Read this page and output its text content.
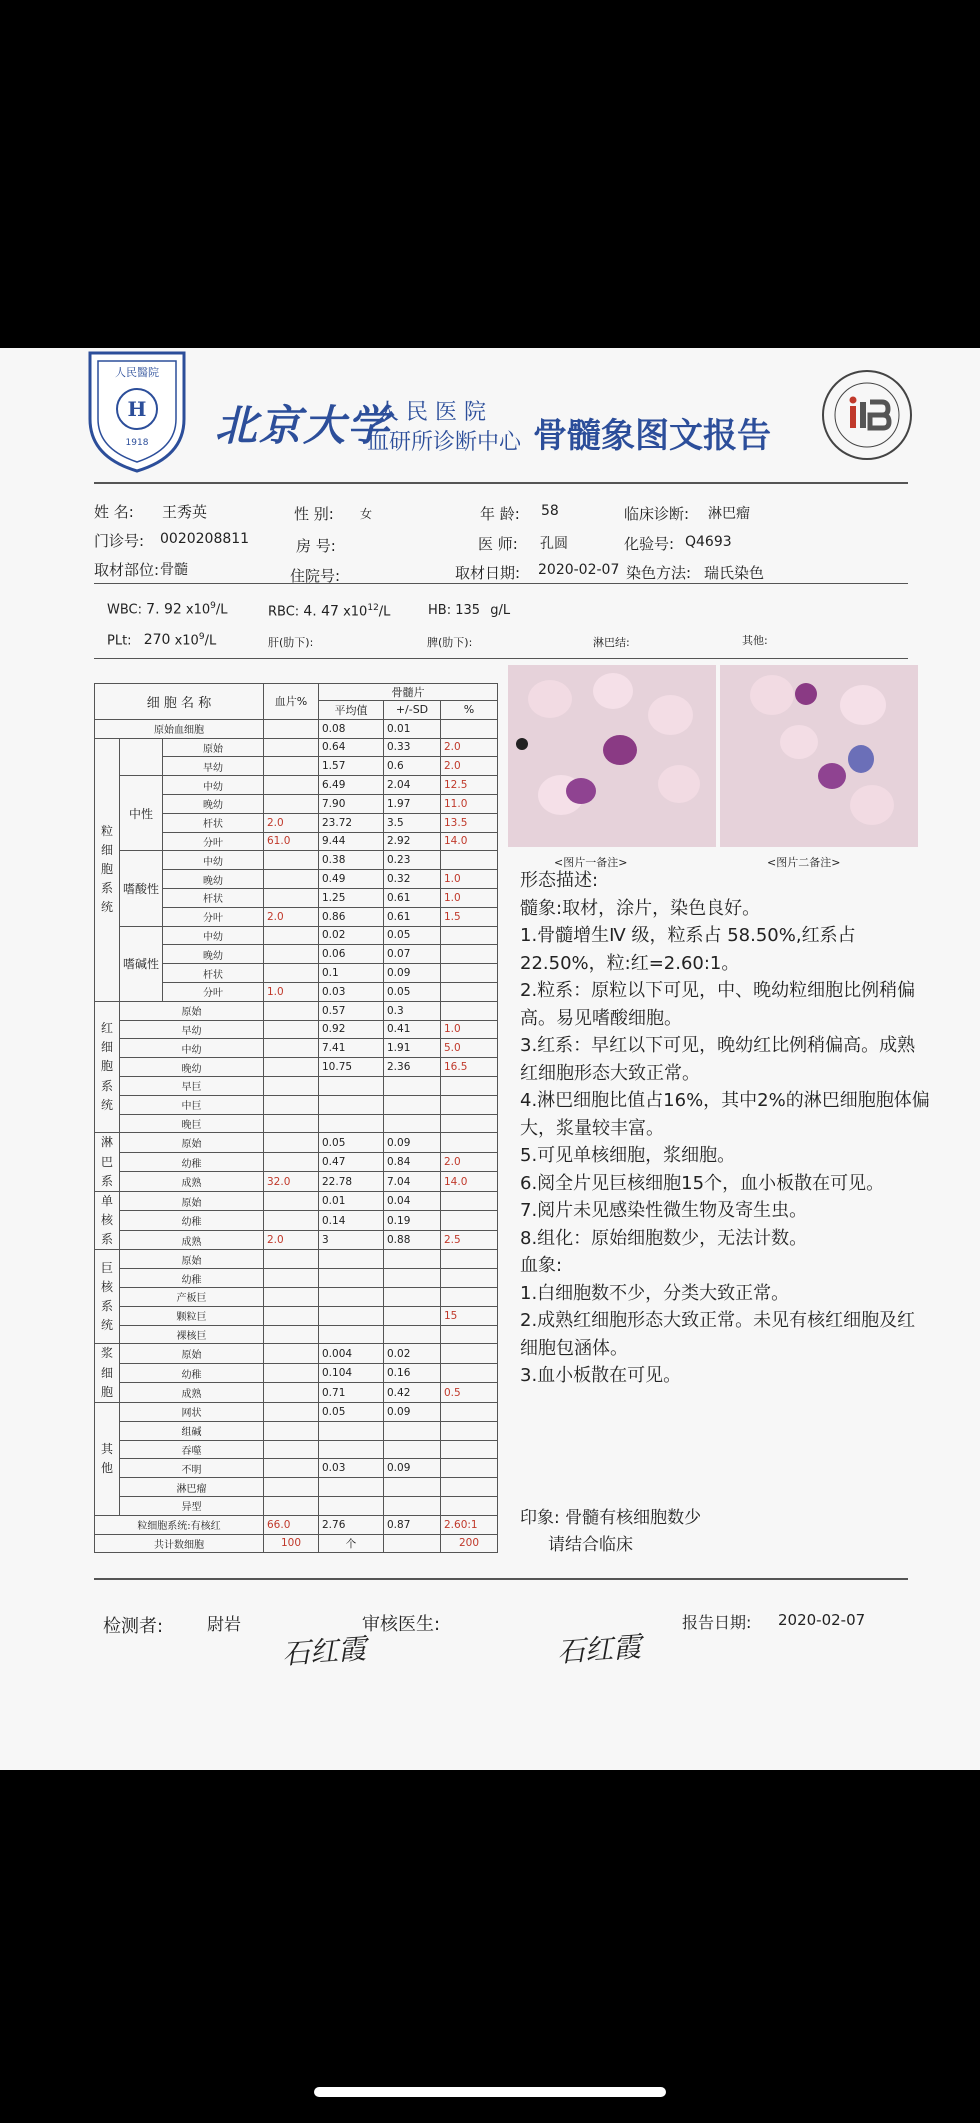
H
人民醫院
1918 北京大学
人 民 医 院
血研所诊断中心 骨髓象图文报告
姓 名: 王秀英	性 别: 女	年 龄: 58	临床诊断: 淋巴瘤
门诊号: 0020208811	房 号:	医 师: 孔圆	化验号: Q4693
取材部位: 骨髓	住院号:	取材日期: 2020-02-07 染色方法: 瑞氏染色
WBC: 7. 92 $x10^9/L$	RBC: 4. 47 $x10^{12}/L$	HB: 135 g/L
PLt: 270 $x10^9/L$	肝(肋下):	脾(肋下):	淋巴结:	其他:
细 胞 名 称			血片%	骨髓片		
				平均值	+/-SD	%
原始血细胞				0.08	0.01	
粒细胞系统		原始		0.64	0.33	2.0
		早幼		1.57	0.6	2.0
	中性	中幼		6.49	2.04	12.5
		晚幼		7.90	1.97	11.0
		杆状	2.0	23.72	3.5	13.5
		分叶	61.0	9.44	2.92	14.0
	嗜酸性	中幼		0.38	0.23	
		晚幼		0.49	0.32	1.0
		杆状		1.25	0.61	1.0
		分叶	2.0	0.86	0.61	1.5
	嗜碱性	中幼		0.02	0.05	
		晚幼		0.06	0.07	
		杆状		0.1	0.09	
		分叶	1.0	0.03	0.05	
红细胞系统	原始			0.57	0.3	
	早幼			0.92	0.41	1.0
	中幼			7.41	1.91	5.0
	晚幼			10.75	2.36	16.5
	早巨					
	中巨					
	晚巨					
淋巴系	原始			0.05	0.09	
	幼稚			0.47	0.84	2.0
	成熟		32.0	22.78	7.04	14.0
单核系	原始			0.01	0.04	
	幼稚			0.14	0.19	
	成熟		2.0	3	0.88	2.5
巨核系统	原始					
	幼稚					
	产板巨					
	颗粒巨					15
	裸核巨					
浆细胞	原始			0.004	0.02	
	幼稚			0.104	0.16	
	成熟			0.71	0.42	0.5
其他	网状			0.05	0.09	
	组碱					
	吞噬					
	不明			0.03	0.09	
	淋巴瘤					
	异型					
粒细胞系统:有核红			66.0	2.76	0.87	2.60:1
共计数细胞			100	个		200
<图片一备注>	<图片二备注>
形态描述:
髓象:取材，涂片，染色良好。
1.骨髓增生Ⅳ 级，粒系占 58.50%,红系占 22.50%，粒:红=2.60:1。
2.粒系：原粒以下可见，中、晚幼粒细胞比例稍偏高。易见嗜酸细胞。
3.红系：早红以下可见，晚幼红比例稍偏高。成熟红细胞形态大致正常。
4.淋巴细胞比值占16%，其中2%的淋巴细胞胞体偏大，浆量较丰富。
5.可见单核细胞，浆细胞。
6.阅全片见巨核细胞15个，血小板散在可见。
7.阅片未见感染性微生物及寄生虫。
8.组化：原始细胞数少，无法计数。
血象:
1.白细胞数不少，分类大致正常。
2.成熟红细胞形态大致正常。未见有核红细胞及红细胞包涵体。
3.血小板散在可见。
印象: 骨髓有核细胞数少
请结合临床
检测者:	尉岩
石红霞
审核医生:
石红霞
报告日期: 2020-02-07
